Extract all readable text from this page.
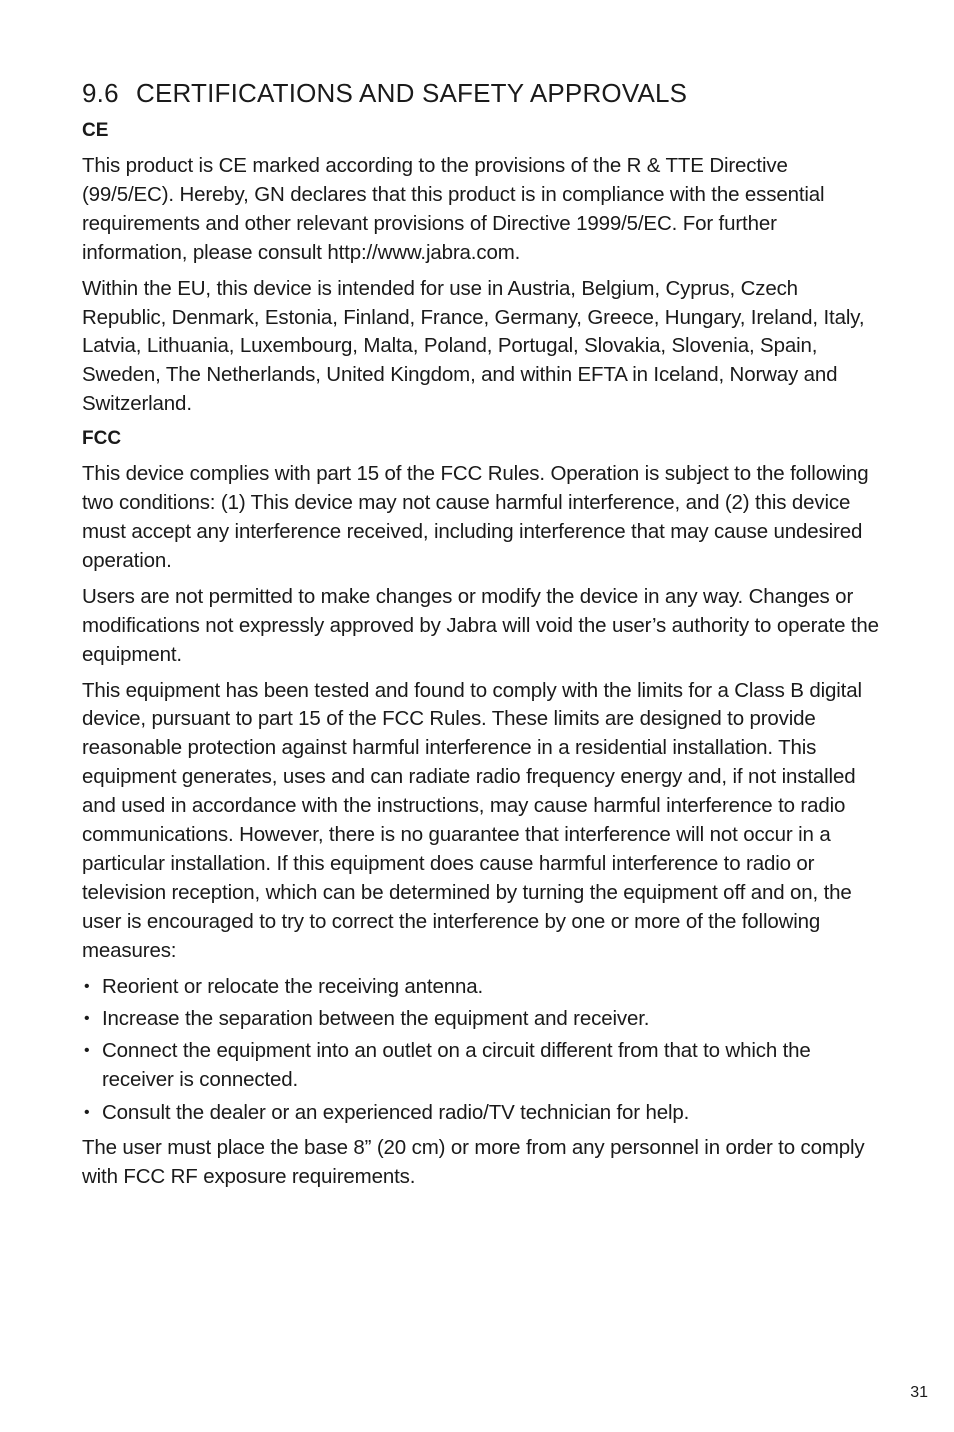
9.6 CERTIFICATIONS AND SAFETY APPROVALS
CE

This product is CE marked according to the provisions of the R & TTE Directive (99/5/EC). Hereby, GN declares that this product is in compliance with the essential requirements and other relevant provisions of Directive 1999/5/EC. For further information, please consult http://www.jabra.com.

Within the EU, this device is intended for use in Austria, Belgium, Cyprus, Czech Republic, Denmark, Estonia, Finland, France, Germany, Greece, Hungary, Ireland, Italy, Latvia, Lithuania, Luxembourg, Malta, Poland, Portugal, Slovakia, Slovenia, Spain, Sweden, The Netherlands, United Kingdom, and within EFTA in Iceland, Norway and Switzerland.

FCC

This device complies with part 15 of the FCC Rules. Operation is subject to the following two conditions: (1) This device may not cause harmful interference, and (2) this device must accept any interference received, including interference that may cause undesired operation.

Users are not permitted to make changes or modify the device in any way. Changes or modifications not expressly approved by Jabra will void the user’s authority to operate the equipment.

This equipment has been tested and found to comply with the limits for a Class B digital device, pursuant to part 15 of the FCC Rules. These limits are designed to provide reasonable protection against harmful interference in a residential installation. This equipment generates, uses and can radiate radio frequency energy and, if not installed and used in accordance with the instructions, may cause harmful interference to radio communications. However, there is no guarantee that interference will not occur in a particular installation. If this equipment does cause harmful interference to radio or television reception, which can be determined by turning the equipment off and on, the user is encouraged to try to correct the interference by one or more of the following measures:

• Reorient or relocate the receiving antenna.
• Increase the separation between the equipment and receiver.
• Connect the equipment into an outlet on a circuit different from that to which the receiver is connected.
• Consult the dealer or an experienced radio/TV technician for help.

The user must place the base 8” (20 cm) or more from any personnel in order to comply with FCC RF exposure requirements.

31
